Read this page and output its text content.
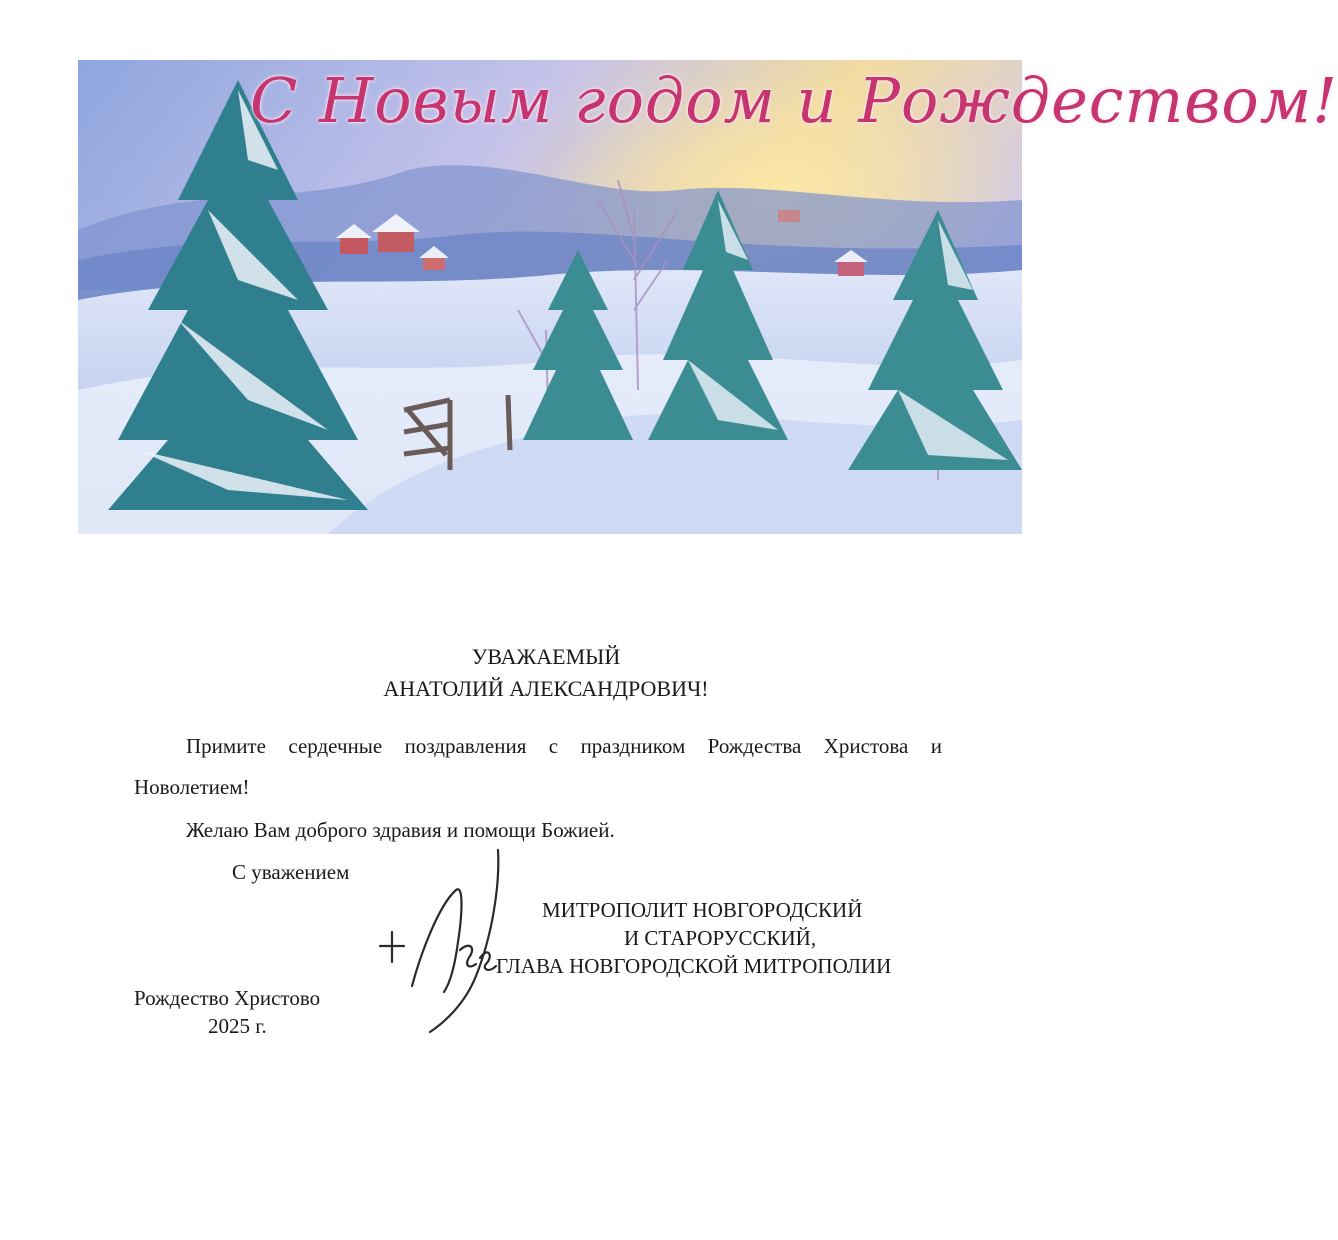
С Новым годом и Рождеством!
УВАЖАЕМЫЙ
АНАТОЛИЙ АЛЕКСАНДРОВИЧ!
Примите сердечные поздравления с праздником Рождества Христова и
Новолетием!
Желаю Вам доброго здравия и помощи Божией.
С уважением
МИТРОПОЛИТ НОВГОРОДСКИЙ
И СТАРОРУССКИЙ,
ГЛАВА НОВГОРОДСКОЙ МИТРОПОЛИИ
Рождество Христово
2025 г.
